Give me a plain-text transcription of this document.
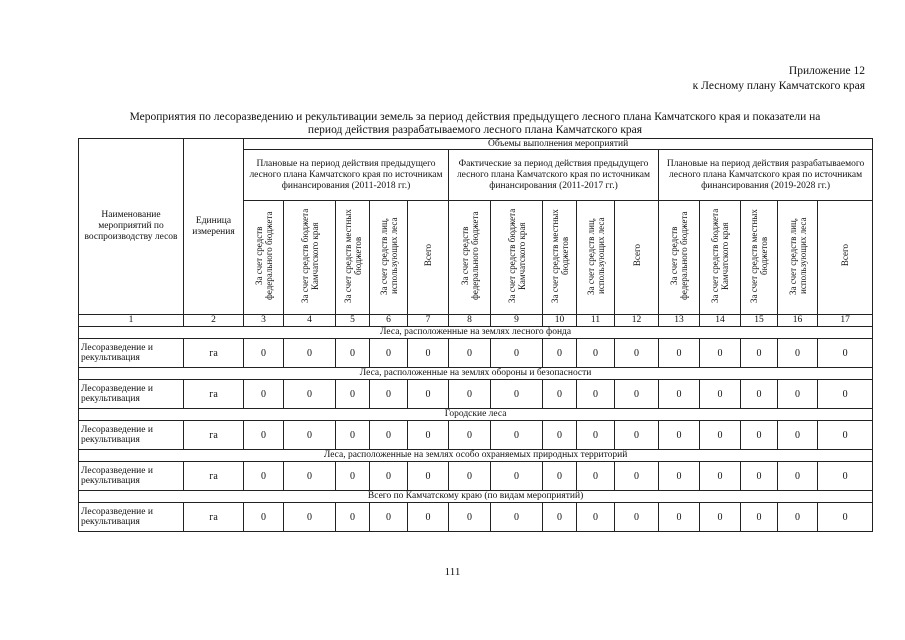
Приложение 12
к Лесному плану Камчатского края
Мероприятия по лесоразведению и рекультивации земель за период действия предыдущего лесного плана Камчатского края и показатели на
период действия разрабатываемого лесного плана Камчатского края
Наименование мероприятий по воспроизводству лесов	Единица измерения	Объемы выполнения мероприятий														
		Плановые на период действия предыдущего лесного плана Камчатского края по источникам финансирования (2011-2018 гг.)					Фактические за период действия предыдущего лесного плана Камчатского края по источникам финансирования (2011-2017 гг.)					Плановые на период действия разрабатываемого лесного плана Камчатского края по источникам финансирования (2019-2028 гг.)				
		За счет средств федерального бюджета	За счет средств бюджета Камчатского края	За счет средств местных бюджетов	За счет средств лиц, использующих леса	Всего	За счет средств федерального бюджета	За счет средств бюджета Камчатского края	За счет средств местных бюджетов	За счет средств лиц, использующих леса	Всего	За счет средств федерального бюджета	За счет средств бюджета Камчатского края	За счет средств местных бюджетов	За счет средств лиц, использующих леса	Всего
1	2	3	4	5	6	7	8	9	10	11	12	13	14	15	16	17
Леса, расположенные на землях лесного фонда																
Лесоразведение и рекультивация	га	0	0	0	0	0	0	0	0	0	0	0	0	0	0	0
Леса, расположенные на землях обороны и безопасности																
Лесоразведение и рекультивация	га	0	0	0	0	0	0	0	0	0	0	0	0	0	0	0
Городские леса																
Лесоразведение и рекультивация	га	0	0	0	0	0	0	0	0	0	0	0	0	0	0	0
Леса, расположенные на землях особо охраняемых природных территорий																
Лесоразведение и рекультивация	га	0	0	0	0	0	0	0	0	0	0	0	0	0	0	0
Всего по Камчатскому краю (по видам мероприятий)																
Лесоразведение и рекультивация	га	0	0	0	0	0	0	0	0	0	0	0	0	0	0	0
111
